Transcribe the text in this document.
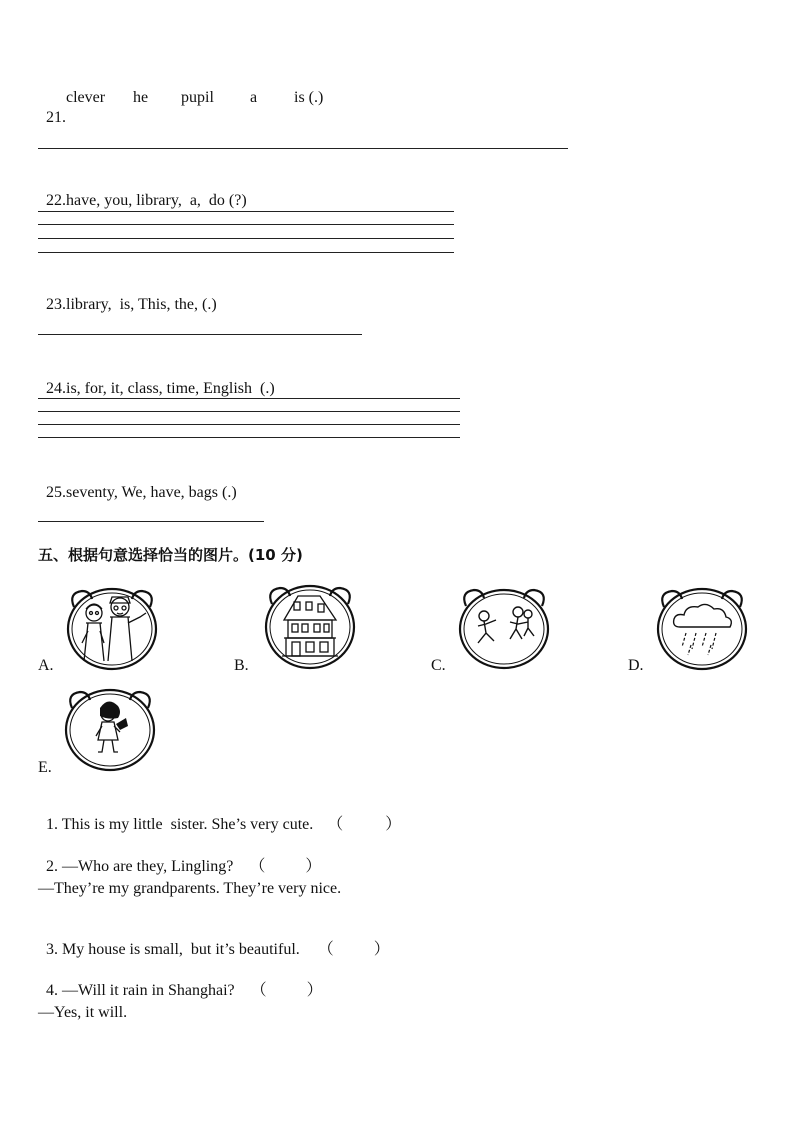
21.

clever he pupil a is (.)

22.have, you, library,  a,  do (?)

23.library,  is, This, the, (.)

24.is, for, it, class, time, English  (.)

25.seventy, We, have, bags (.)

五、根据句意选择恰当的图片。(10 分)
A.	B.	C.	D.
E.

1. This is my little  sister. She’s very cute. （	）

2. —Who are they, Lingling? （	）

—They’re my grandparents. They’re very nice.

3. My house is small,  but it’s beautiful. （	）

4. —Will it rain in Shanghai? （	）

—Yes, it will.
